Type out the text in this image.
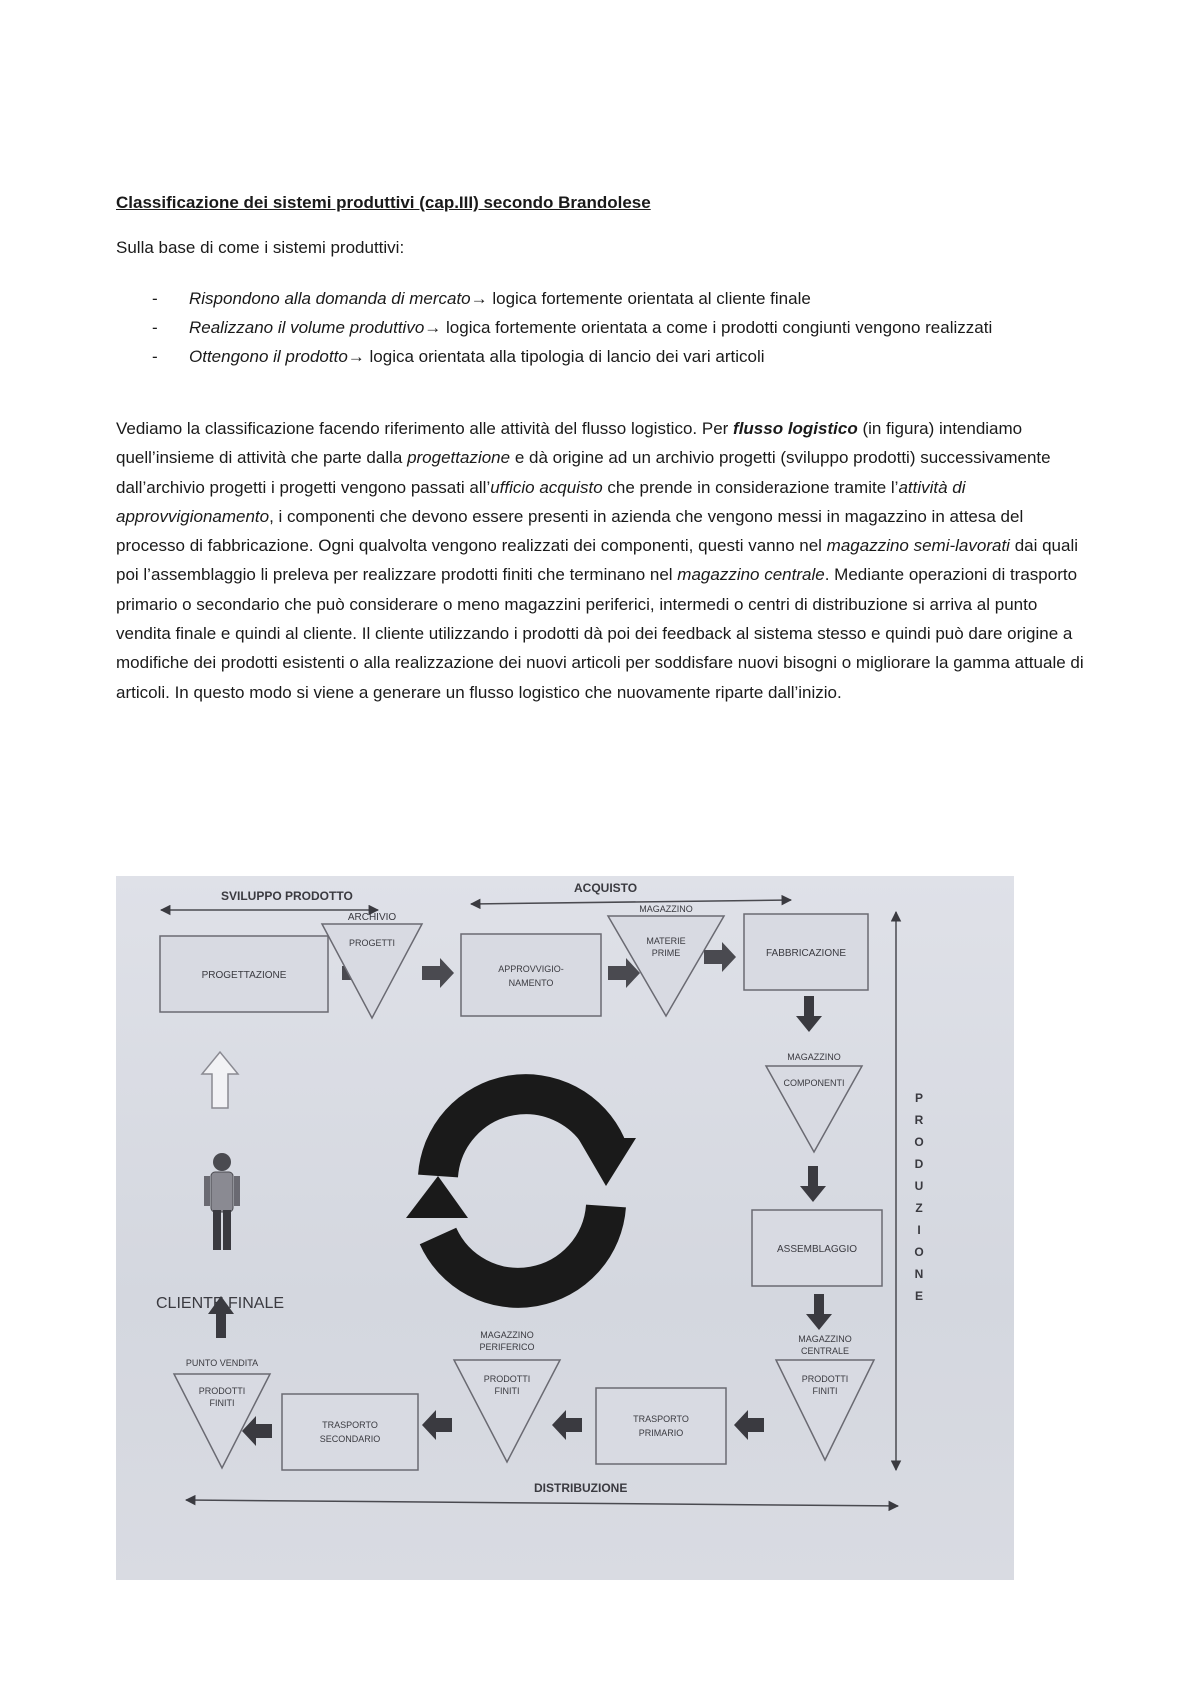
Classificazione dei sistemi produttivi (cap.III) secondo Brandolese
Sulla base di come i sistemi produttivi:
- Rispondono alla domanda di mercato→ logica fortemente orientata al cliente finale
- Realizzano il volume produttivo→ logica fortemente orientata a come i prodotti congiunti vengono realizzati
- Ottengono il prodotto→ logica orientata alla tipologia di lancio dei vari articoli
Vediamo la classificazione facendo riferimento alle attività del flusso logistico. Per flusso logistico (in figura) intendiamo quell’insieme di attività che parte dalla progettazione e dà origine ad un archivio progetti (sviluppo prodotti) successivamente dall’archivio progetti i progetti vengono passati all’ufficio acquisto che prende in considerazione tramite l’attività di approvvigionamento, i componenti che devono essere presenti in azienda che vengono messi in magazzino in attesa del processo di fabbricazione. Ogni qualvolta vengono realizzati dei componenti, questi vanno nel magazzino semi-lavorati dai quali poi l’assemblaggio li preleva per realizzare prodotti finiti che terminano nel magazzino centrale. Mediante operazioni di trasporto primario o secondario che può considerare o meno magazzini periferici, intermedi o centri di distribuzione si arriva al punto vendita finale e quindi al cliente. Il cliente utilizzando i prodotti dà poi dei feedback al sistema stesso e quindi può dare origine a modifiche dei prodotti esistenti o alla realizzazione dei nuovi articoli per soddisfare nuovi bisogni o migliorare la gamma attuale di articoli. In questo modo si viene a generare un flusso logistico che nuovamente riparte dall’inizio.
SVILUPPO PRODOTTO
ACQUISTO
PROGETTAZIONE
ARCHIVIO
PROGETTI
APPROVVIGIO-
NAMENTO
MAGAZZINO
MATERIE
PRIME	FABBRICAZIONE
MAGAZZINO
COMPONENTI
ASSEMBLAGGIO
MAGAZZINO
CENTRALE
PRODOTTI
FINITI
TRASPORTO
PRIMARIO
MAGAZZINO
PERIFERICO
PRODOTTI
FINITI
TRASPORTO
SECONDARIO
PUNTO VENDITA
PRODOTTI
FINITI
CLIENTE FINALE
P
R
O
D
U
Z
I
O
N
E
DISTRIBUZIONE
